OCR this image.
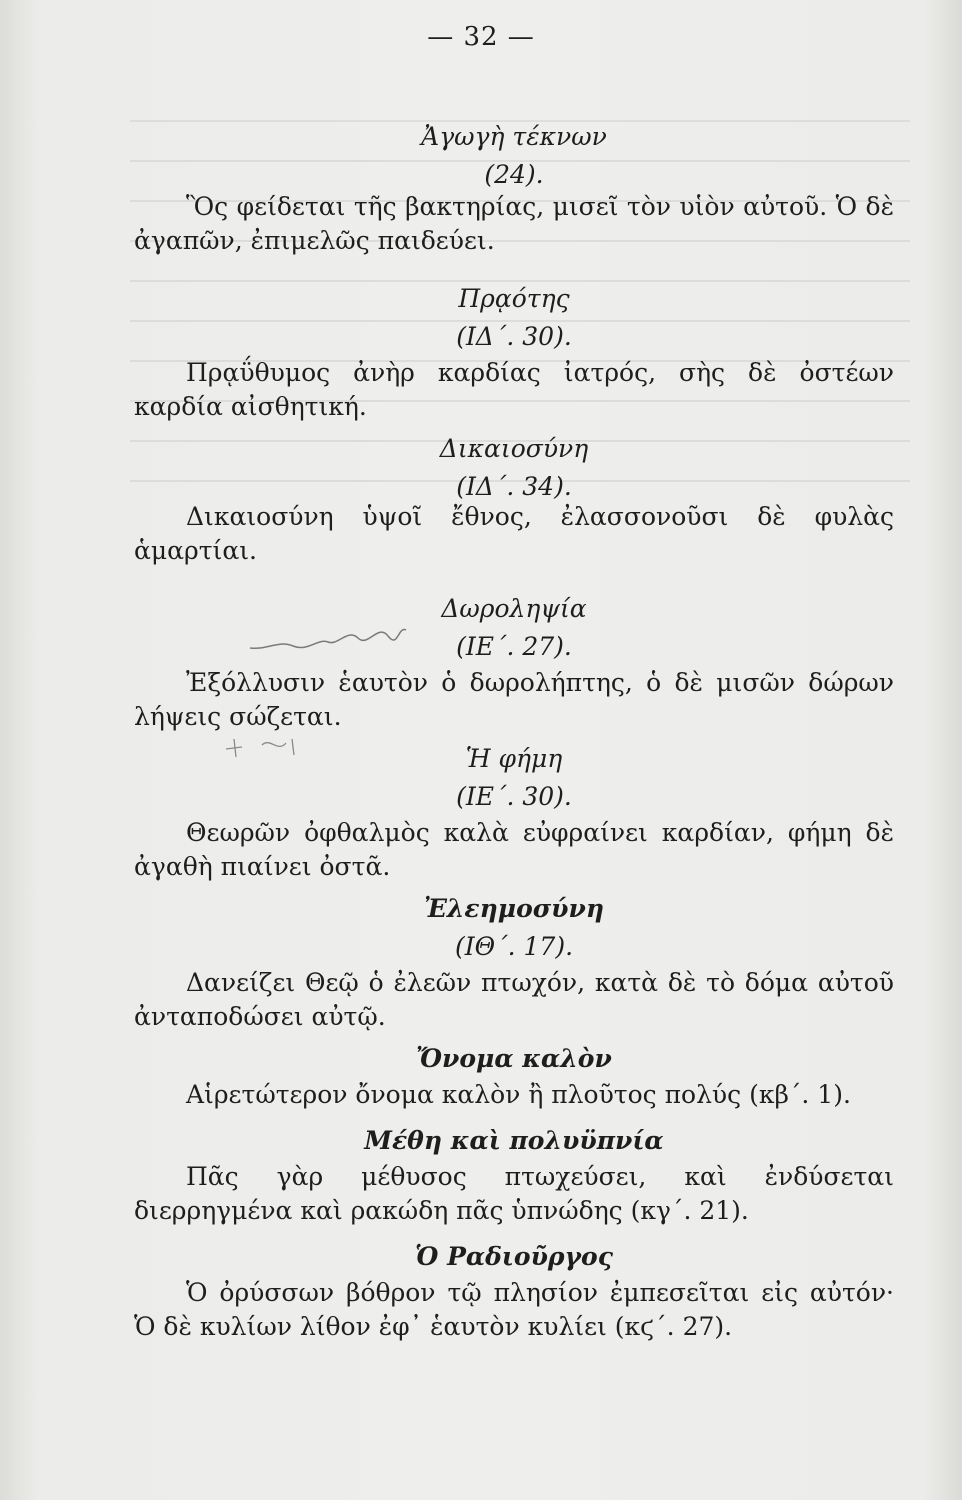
— 32 —
Ἀγωγὴ τέκνων
(24).

Ὃς φείδεται τῆς βακτηρίας, μισεῖ τὸν υἱὸν αὐτοῦ. Ὁ δὲ ἀγαπῶν, ἐπιμελῶς παιδεύει.

Πρᾳότης
(ΙΔ΄. 30).

Πρᾳΰθυμος ἀνὴρ καρδίας ἰατρός, σὴς δὲ ὀστέων καρδία αἰσθητική.

Δικαιοσύνη
(ΙΔ΄. 34).

Δικαιοσύνη ὑψοῖ ἔθνος, ἐλασσονοῦσι δὲ φυλὰς ἁμαρτίαι.

Δωροληψία
(ΙΕ΄. 27).

Ἐξόλλυσιν ἑαυτὸν ὁ δωρολήπτης, ὁ δὲ μισῶν δώρων λήψεις σώζεται.

Ἡ φήμη
(ΙΕ΄. 30).

Θεωρῶν ὀφθαλμὸς καλὰ εὐφραίνει καρδίαν, φήμη δὲ ἀγαθὴ πιαίνει ὀστᾶ.

Ἐλεημοσύνη
(ΙΘ΄. 17).

Δανείζει Θεῷ ὁ ἐλεῶν πτωχόν, κατὰ δὲ τὸ δόμα αὐτοῦ ἀνταποδώσει αὐτῷ.

Ὄνομα καλὸν

Αἱρετώτερον ὄνομα καλὸν ἢ πλοῦτος πολύς (κβ΄. 1).

Μέθη καὶ πολυϋπνία

Πᾶς γὰρ μέθυσος πτωχεύσει, καὶ ἐνδύσεται διερρηγμένα καὶ ρακώδη πᾶς ὑπνώδης (κγ΄. 21).

Ὁ Ραδιοῦργος

Ὁ ὀρύσσων βόθρον τῷ πλησίον ἐμπεσεῖται εἰς αὐτόν· Ὁ δὲ κυλίων λίθον ἐφ᾽ ἑαυτὸν κυλίει (κϛ΄. 27).
